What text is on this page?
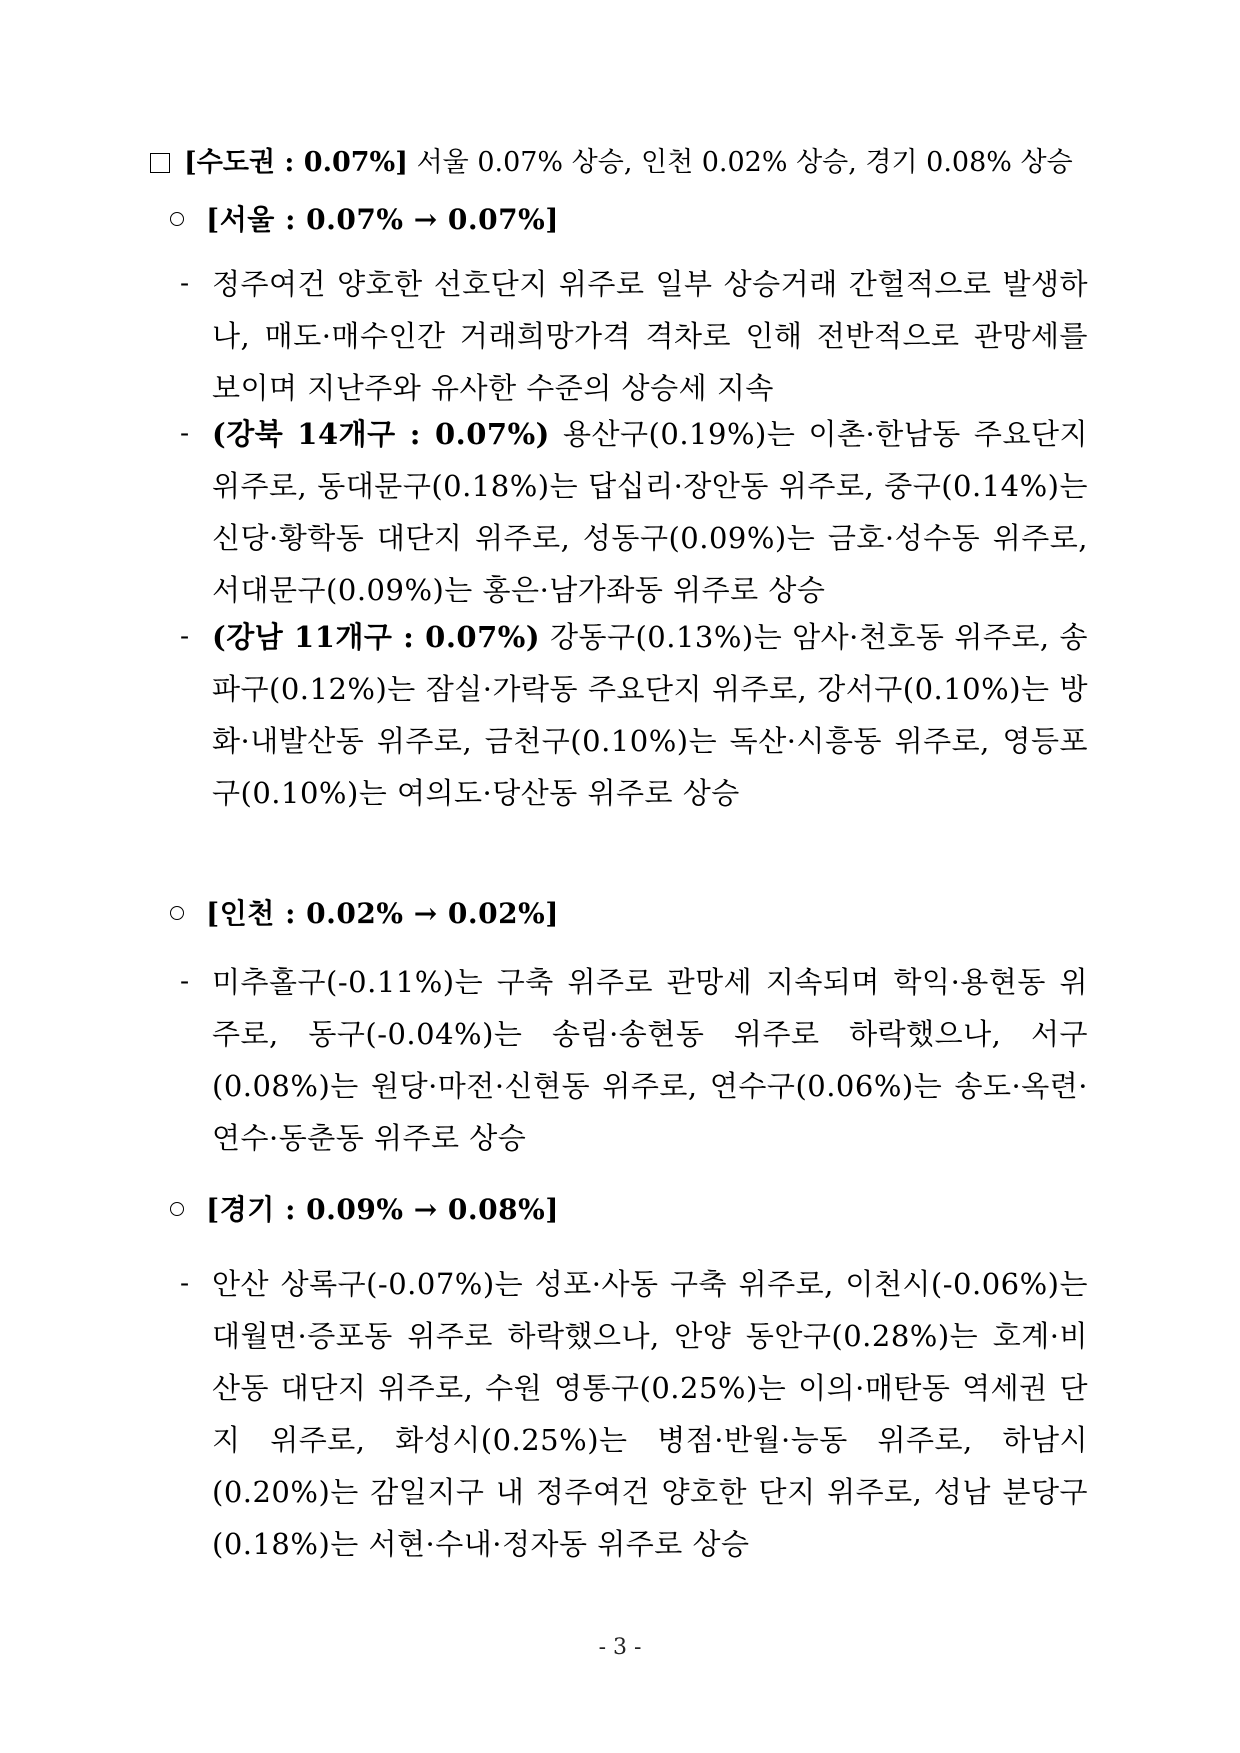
[수도권 : 0.07%] 서울 0.07% 상승, 인천 0.02% 상승, 경기 0.08% 상승
[서울 : 0.07% → 0.07%]
- 정주여건 양호한 선호단지 위주로 일부 상승거래 간헐적으로 발생하나, 매도·매수인간 거래희망가격 격차로 인해 전반적으로 관망세를 보이며 지난주와 유사한 수준의 상승세 지속
- (강북 14개구 : 0.07%) 용산구(0.19%)는 이촌·한남동 주요단지 위주로, 동대문구(0.18%)는 답십리·장안동 위주로, 중구(0.14%)는 신당·황학동 대단지 위주로, 성동구(0.09%)는 금호·성수동 위주로, 서대문구(0.09%)는 홍은·남가좌동 위주로 상승
- (강남 11개구 : 0.07%) 강동구(0.13%)는 암사·천호동 위주로, 송파구(0.12%)는 잠실·가락동 주요단지 위주로, 강서구(0.10%)는 방화·내발산동 위주로, 금천구(0.10%)는 독산·시흥동 위주로, 영등포구(0.10%)는 여의도·당산동 위주로 상승
[인천 : 0.02% → 0.02%]
- 미추홀구(-0.11%)는 구축 위주로 관망세 지속되며 학익·용현동 위주로, 동구(-0.04%)는 송림·송현동 위주로 하락했으나, 서구(0.08%)는 원당·마전·신현동 위주로, 연수구(0.06%)는 송도·옥련·연수·동춘동 위주로 상승
[경기 : 0.09% → 0.08%]
- 안산 상록구(-0.07%)는 성포·사동 구축 위주로, 이천시(-0.06%)는 대월면·증포동 위주로 하락했으나, 안양 동안구(0.28%)는 호계·비산동 대단지 위주로, 수원 영통구(0.25%)는 이의·매탄동 역세권 단지 위주로, 화성시(0.25%)는 병점·반월·능동 위주로, 하남시(0.20%)는 감일지구 내 정주여건 양호한 단지 위주로, 성남 분당구(0.18%)는 서현·수내·정자동 위주로 상승
- 3 -
